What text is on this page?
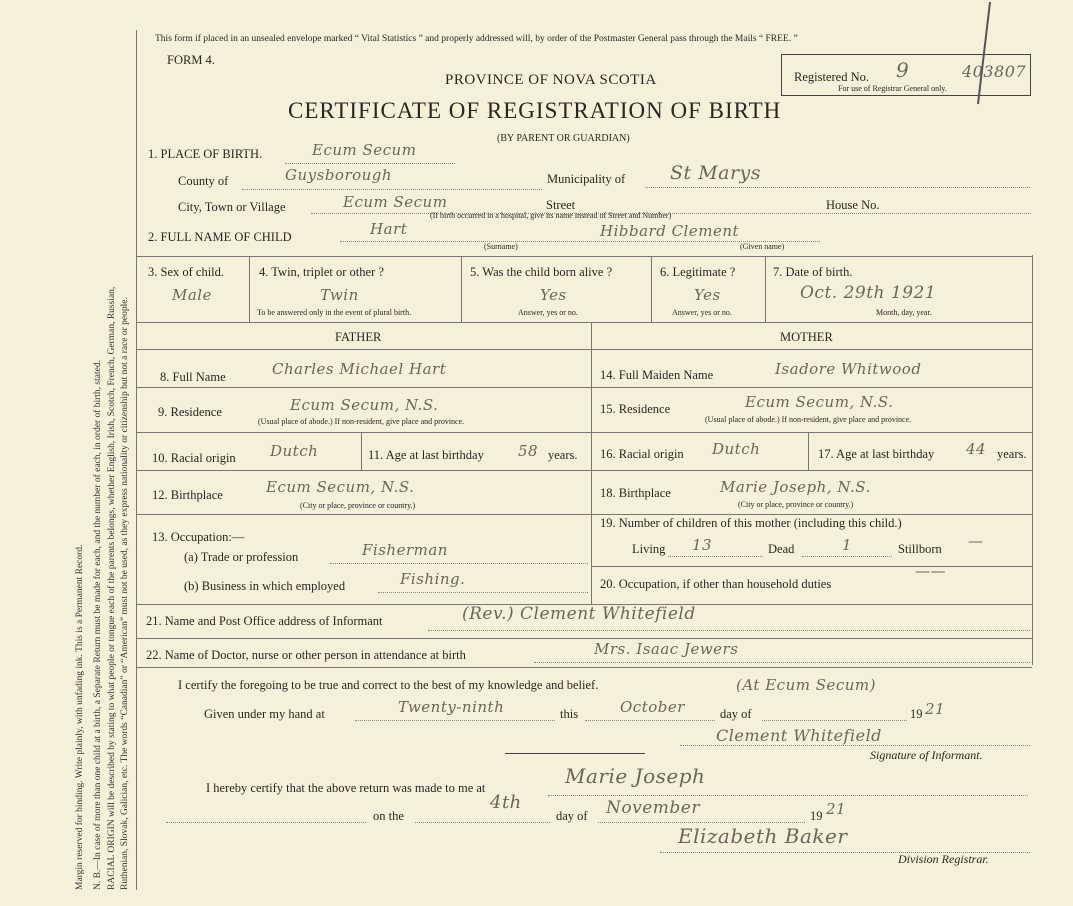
Margin reserved for binding. Write plainly, with unfading ink. This is a Permanent Record. N. B.—In case of more than one child at a birth, a Separate Return must be made for each, and the number of each, in order of birth, stated. RACIAL ORIGIN will be described by stating to what people or tongue each of the parents belongs, whether English, Irish, Scotch, French, German, Russian, Ruthenian, Slovak, Galician, etc. The words “Canadian” or “American” must not be used, as they express nationality or citizenship but not a race or people.
This form if placed in an unsealed envelope marked “ Vital Statistics ” and properly addressed will, by order of the Postmaster General pass through the Mails “ FREE. ”
FORM 4.
PROVINCE OF NOVA SCOTIA
CERTIFICATE OF REGISTRATION OF BIRTH
(BY PARENT OR GUARDIAN)
Registered No. 9	403807
For use of Registrar General only.
1. PLACE OF BIRTH.	Ecum Secum
County of	Guysborough	Municipality of St Marys
City, Town or Village	Ecum Secum	Street	House No.
(If birth occurred in a hospital, give its name instead of Street and Number)
2. FULL NAME OF CHILD	Hart	Hibbard Clement
(Surname)	(Given name)
3. Sex of child.
Male
4. Twin, triplet or other ?
Twin
To be answered only in the event of plural birth.
5. Was the child born alive ?
Yes
Answer, yes or no.
6. Legitimate ?
Yes
Answer, yes or no.
7. Date of birth.
Oct. 29th 1921
Month, day, year.
FATHER	MOTHER
8. Full Name	Charles Michael Hart
9. Residence	Ecum Secum, N.S.
(Usual place of abode.) If non-resident, give place and province.
10. Racial origin Dutch	11. Age at last birthday 58 years.
12. Birthplace	Ecum Secum, N.S.
(City or place, province or country.)
13. Occupation:—
(a) Trade or profession	Fisherman
(b) Business in which employed	Fishing.
14. Full Maiden Name	Isadore Whitwood
15. Residence	Ecum Secum, N.S.
(Usual place of abode.) If non-resident, give place and province.
16. Racial origin Dutch	17. Age at last birthday 44 years.
18. Birthplace	Marie Joseph, N.S.
(City or place, province or country.)
19. Number of children of this mother (including this child.)
Living 13	Dead	1	Stillborn —
20. Occupation, if other than household duties
——
21. Name and Post Office address of Informant	(Rev.) Clement Whitefield
22. Name of Doctor, nurse or other person in attendance at birth	Mrs. Isaac Jewers
I certify the foregoing to be true and correct to the best of my knowledge and belief.	(At Ecum Secum)
Given under my hand at	Twenty-ninth	this	October	day of	19 21
Clement Whitefield
Signature of Informant.
I hereby certify that the above return was made to me at	Marie Joseph
on the
4th
day of November	19 21
Elizabeth Baker
Division Registrar.
